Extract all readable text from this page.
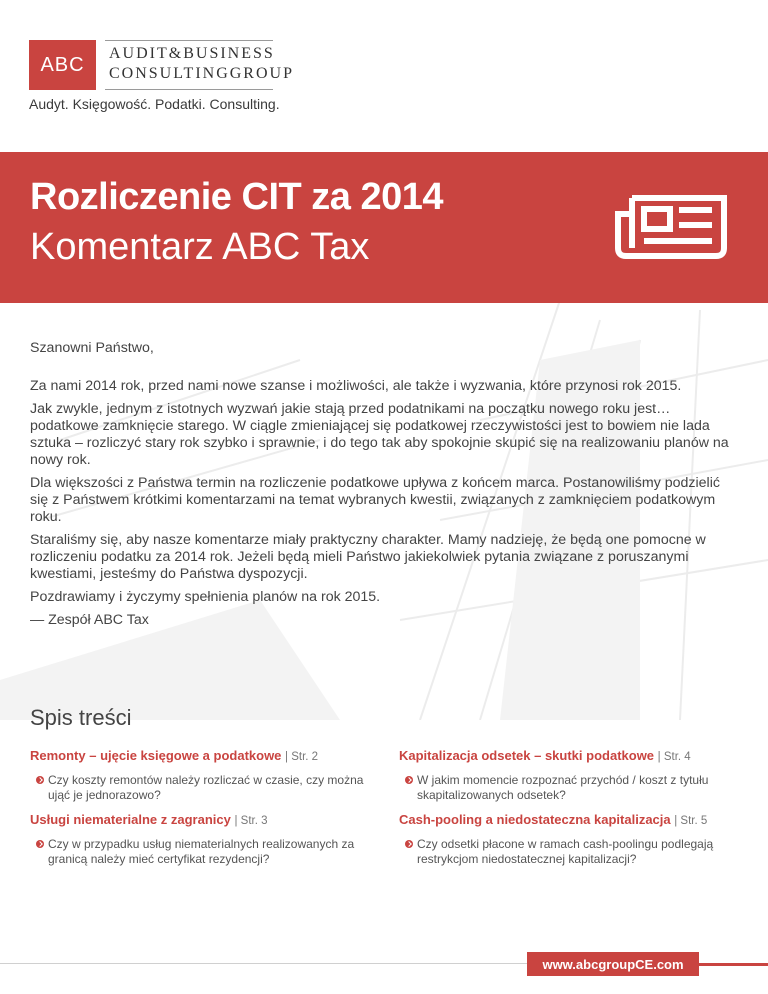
ABC	AUDIT&BUSINESS
CONSULTINGGROUP
Audyt. Księgowość. Podatki. Consulting.
Rozliczenie CIT za 2014
Komentarz ABC Tax

Szanowni Państwo,

Za nami 2014 rok, przed nami nowe szanse i możliwości, ale także i wyzwania, które przynosi rok 2015.

Jak zwykle, jednym z istotnych wyzwań jakie stają przed podatnikami na początku nowego roku jest… podatkowe zamknięcie starego. W ciągle zmieniającej się podatkowej rzeczywistości jest to bowiem nie lada sztuka – rozliczyć stary rok szybko i sprawnie, i do tego tak aby spokojnie skupić się na realizowaniu planów na nowy rok.

Dla większości z Państwa termin na rozliczenie podatkowe upływa z końcem marca. Postanowiliśmy podzielić się z Państwem krótkimi komentarzami na temat wybranych kwestii, związanych z zamknięciem podatkowym roku.

Staraliśmy się, aby nasze komentarze miały praktyczny charakter. Mamy nadzieję, że będą one pomocne w rozliczeniu podatku za 2014 rok. Jeżeli będą mieli Państwo jakiekolwiek pytania związane z poruszanymi kwestiami, jesteśmy do Państwa dyspozycji.

Pozdrawiamy i życzymy spełnienia planów na rok 2015.

— Zespół ABC Tax

Spis treści
Remonty – ujęcie księgowe a podatkowe | Str. 2
Czy koszty remontów należy rozliczać w czasie, czy można ująć je jednorazowo?
Usługi niematerialne z zagranicy | Str. 3
Czy w przypadku usług niematerialnych realizowanych za granicą należy mieć certyfikat rezydencji?
Kapitalizacja odsetek – skutki podatkowe | Str. 4
W jakim momencie rozpoznać przychód / koszt z tytułu skapitalizowanych odsetek?
Cash-pooling a niedostateczna kapitalizacja | Str. 5
Czy odsetki płacone w ramach cash-poolingu podlegają restrykcjom niedostatecznej kapitalizacji?
www.abcgroupCE.com
